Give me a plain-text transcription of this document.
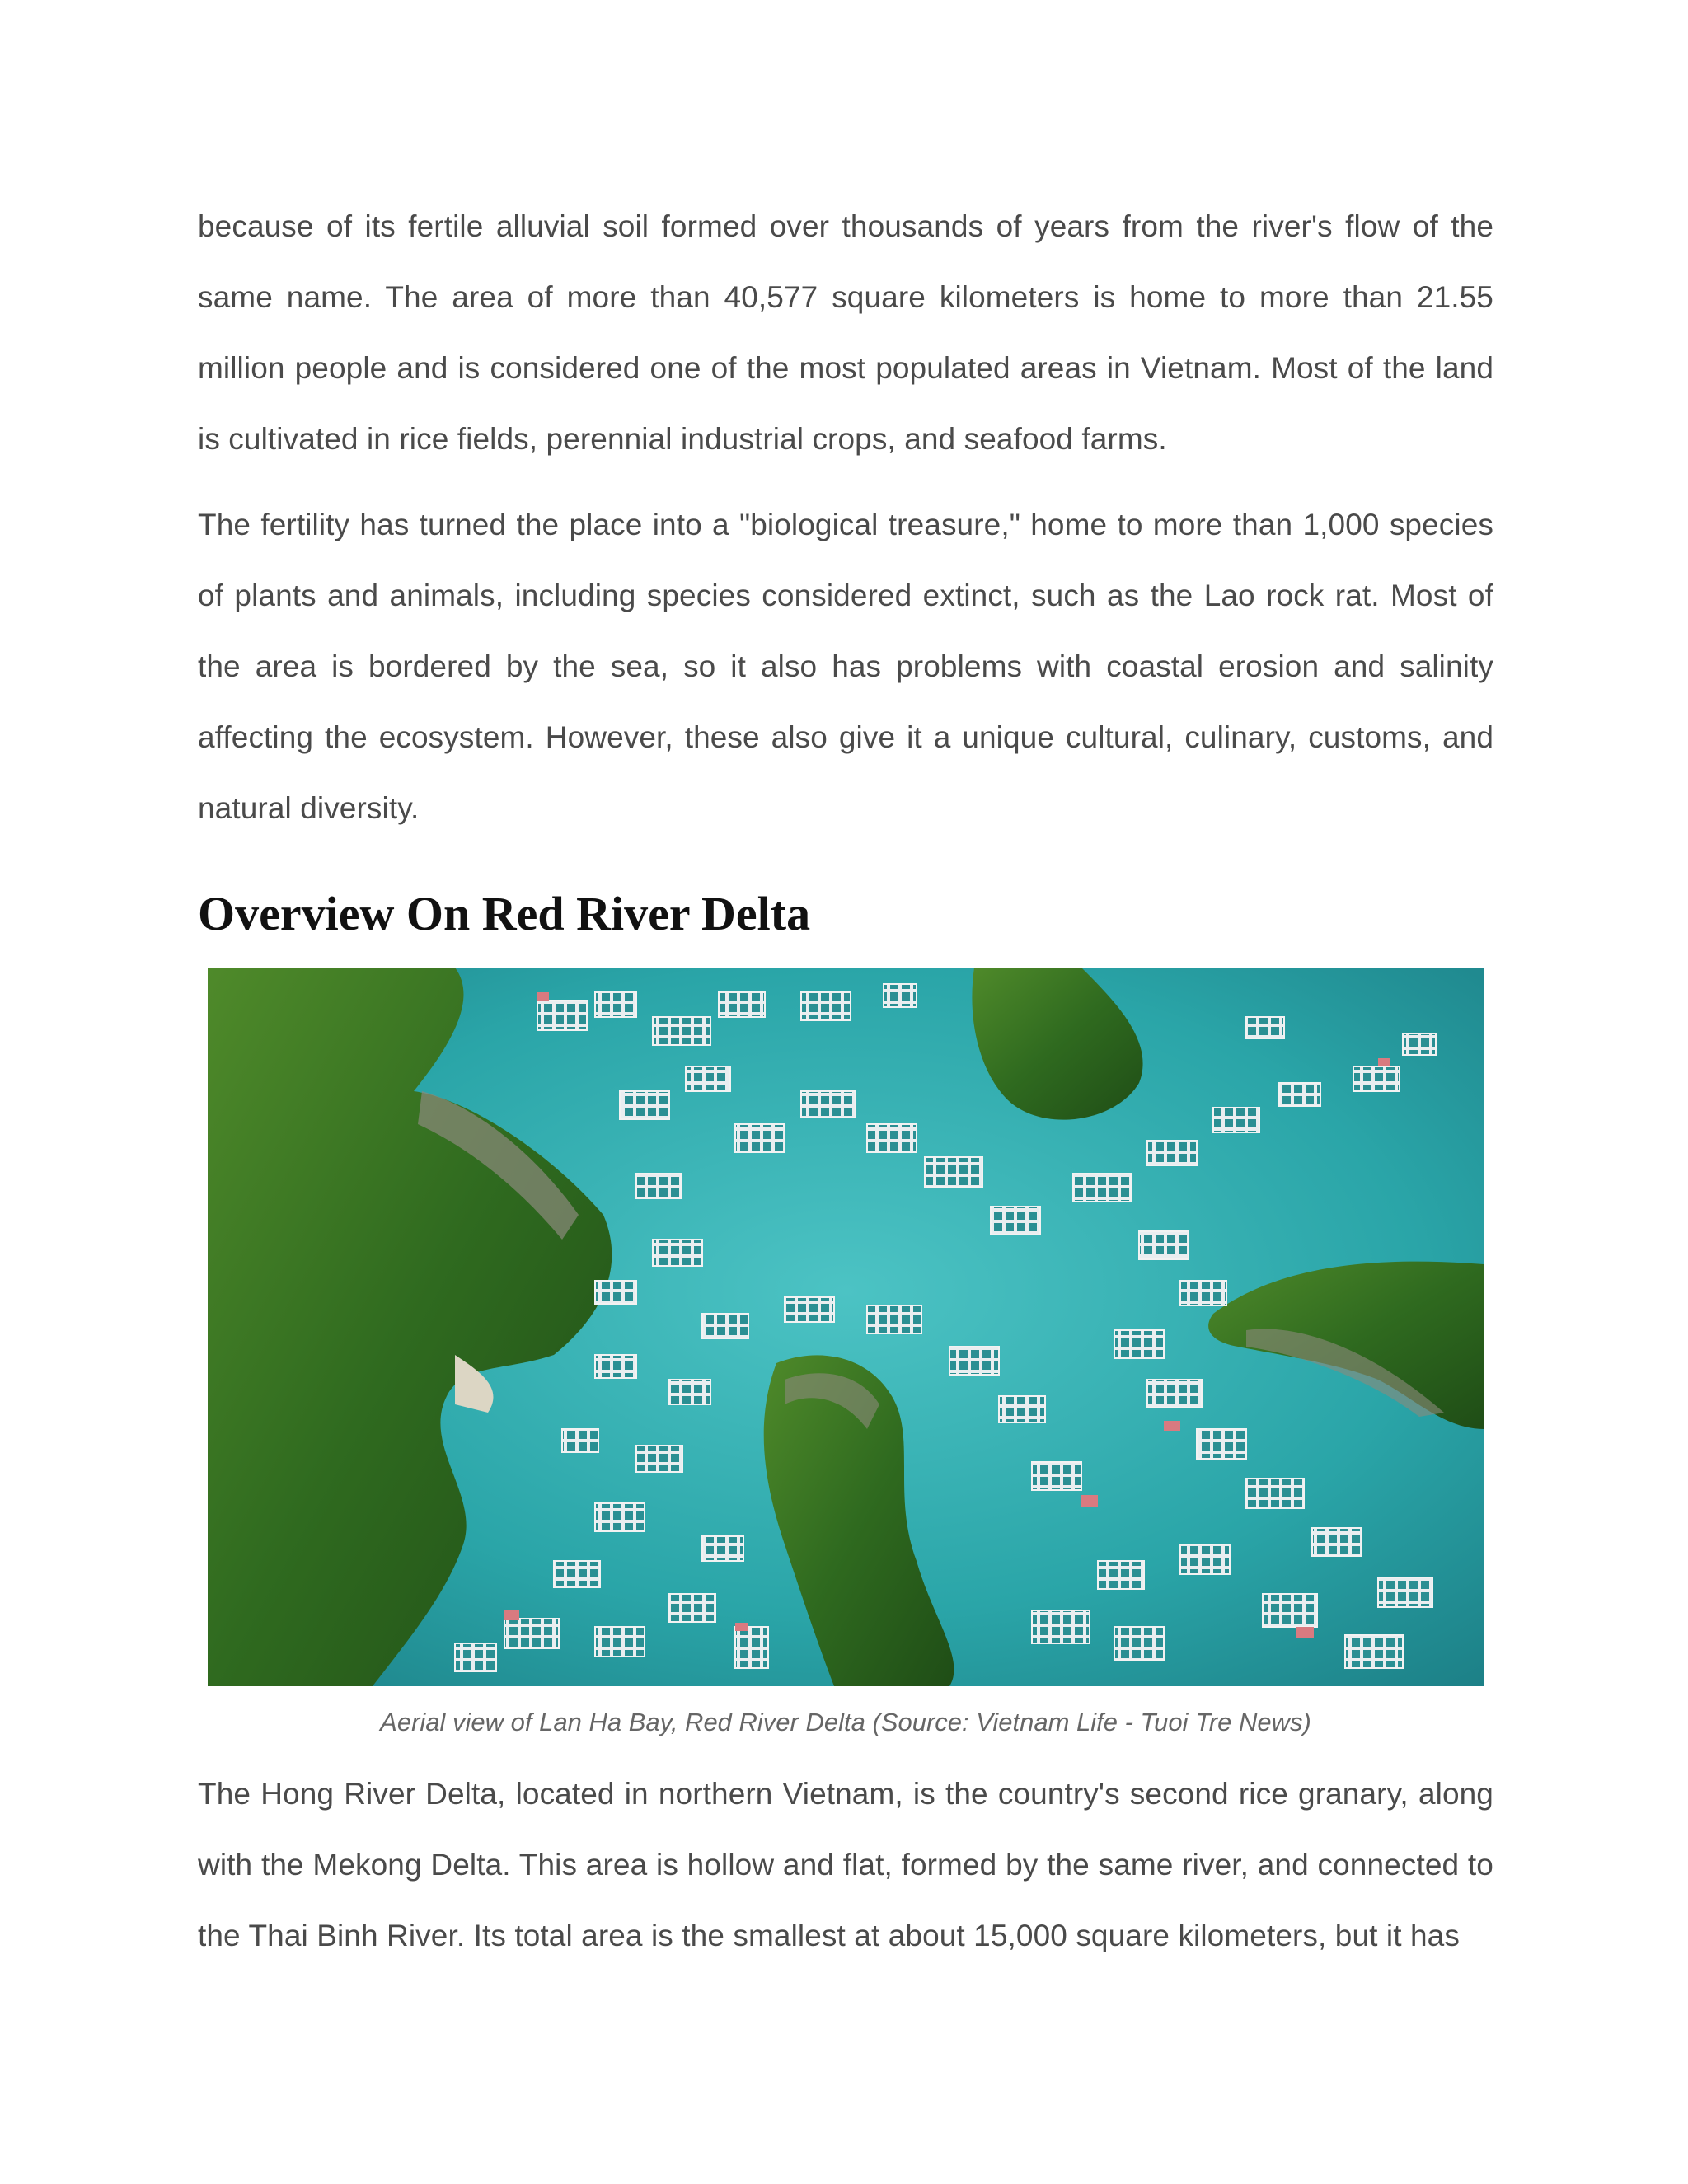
because of its fertile alluvial soil formed over thousands of years from the river's flow of the same name. The area of more than 40,577 square kilometers is home to more than 21.55 million people and is considered one of the most populated areas in Vietnam. Most of the land is cultivated in rice fields, perennial industrial crops, and seafood farms.

The fertility has turned the place into a "biological treasure," home to more than 1,000 species of plants and animals, including species considered extinct, such as the Lao rock rat. Most of the area is bordered by the sea, so it also has problems with coastal erosion and salinity affecting the ecosystem. However, these also give it a unique cultural, culinary, customs, and natural diversity.

Overview On Red River Delta
Aerial view of Lan Ha Bay, Red River Delta (Source: Vietnam Life - Tuoi Tre News)

The Hong River Delta, located in northern Vietnam, is the country's second rice granary, along with the Mekong Delta. This area is hollow and flat, formed by the same river, and connected to the Thai Binh River. Its total area is the smallest at about 15,000 square kilometers, but it has
